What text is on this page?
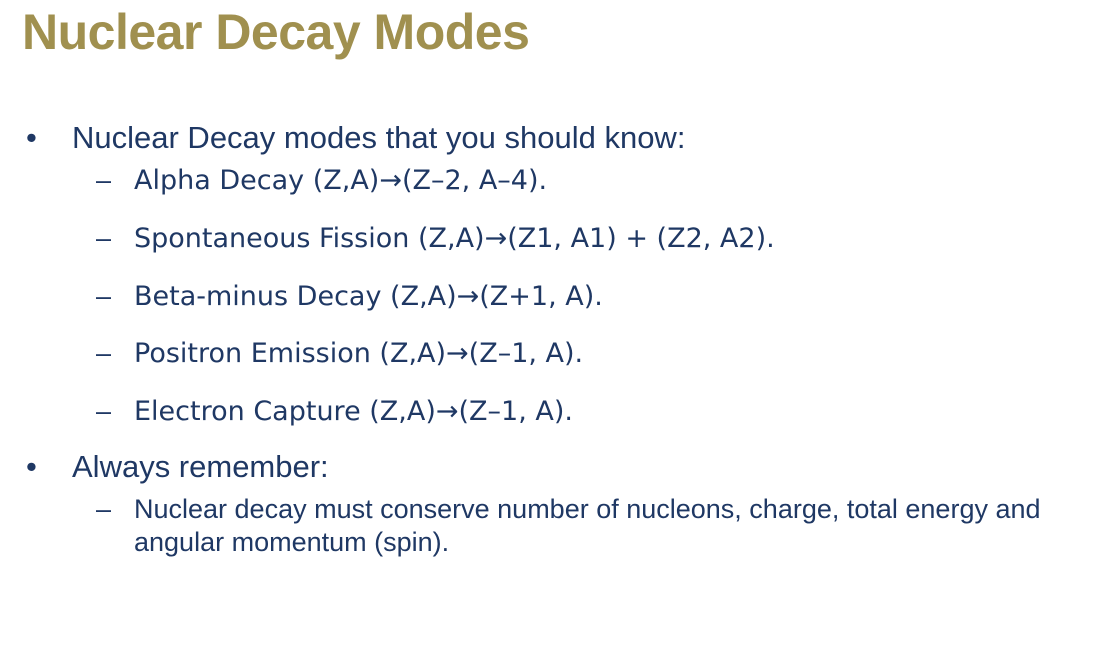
Nuclear Decay Modes
• Nuclear Decay modes that you should know:
– Alpha Decay (Z,A)→(Z–2, A–4).
– Spontaneous Fission (Z,A)→(Z1, A1) + (Z2, A2).
– Beta-minus Decay (Z,A)→(Z+1, A).
– Positron Emission (Z,A)→(Z–1, A).
– Electron Capture (Z,A)→(Z–1, A).
• Always remember:
– Nuclear decay must conserve number of nucleons, charge, total energy and angular momentum (spin).
